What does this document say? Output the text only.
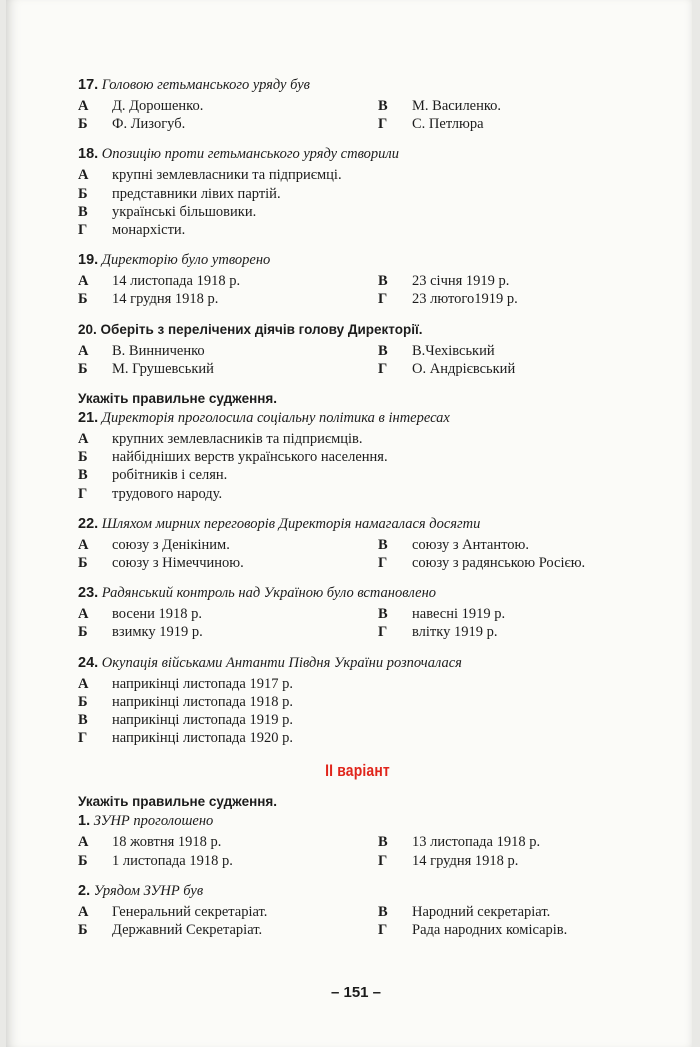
17. Головою гетьманського уряду був
А	Д. Дорошенко.	В	М. Василенко.
Б	Ф. Лизогуб.	Г	С. Петлюра
18. Опозицію проти гетьманського уряду створили
А	крупні землевласники та підприємці.
Б	представники лівих партій.
В	українські більшовики.
Г	монархісти.
19. Директорію було утворено
А	14 листопада 1918 р.	В	23 січня 1919 р.
Б	14 грудня 1918 р.	Г	23 лютого1919 р.
20. Оберіть з перелічених діячів голову Директорії.
А	В. Винниченко	В	В.Чехівський
Б	М. Грушевський	Г	О. Андрієвський
Укажіть правильне судження.
21. Директорія проголосила соціальну політика в інтересах
А	крупних землевласників та підприємців.
Б	найбідніших верств українського населення.
В	робітників і селян.
Г	трудового народу.
22. Шляхом мирних переговорів Директорія намагалася досягти
А	союзу з Денікіним.	В	союзу з Антантою.
Б	союзу з Німеччиною.	Г	союзу з радянською Росією.
23. Радянський контроль над Україною було встановлено
А	восени 1918 р.	В	навесні 1919 р.
Б	взимку 1919 р.	Г	влітку 1919 р.
24. Окупація військами Антанти Півдня України розпочалася
А	наприкінці листопада 1917 р.
Б	наприкінці листопада 1918 р.
В	наприкінці листопада 1919 р.
Г	наприкінці листопада 1920 р.
II варіант
Укажіть правильне судження.
1. ЗУНР проголошено
А	18 жовтня 1918 р.	В	13 листопада 1918 р.
Б	1 листопада 1918 р.	Г	14 грудня 1918 р.
2. Урядом ЗУНР був
А	Генеральний секретаріат.	В	Народний секретаріат.
Б	Державний Секретаріат.	Г	Рада народних комісарів.
– 151 –
